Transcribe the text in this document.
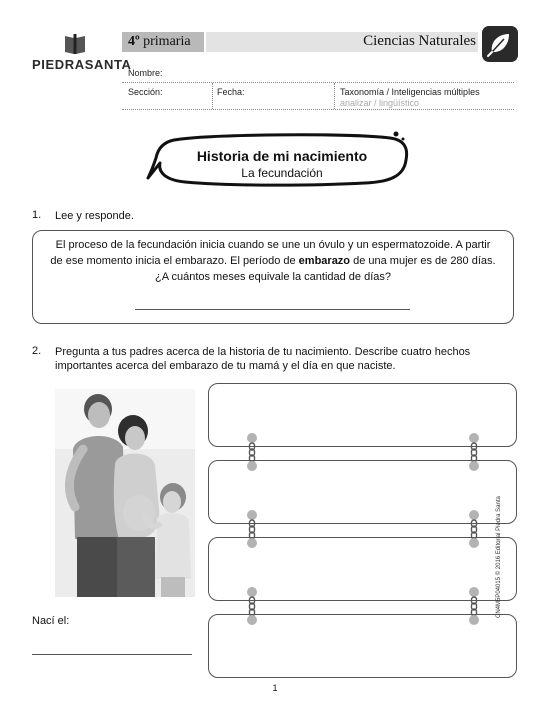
PIEDRASANTA
4º primaria	Ciencias Naturales
Nombre:
Sección:	Fecha:	Taxonomía / Inteligencias múltiples
analizar / lingüístico
Historia de mi nacimiento
La fecundación
1. Lee y responde.
El proceso de la fecundación inicia cuando se une un óvulo y un espermatozoide. A partir
de ese momento inicia el embarazo. El período de embarazo de una mujer es de 280 días.
¿A cuántos meses equivale la cantidad de días?
2. Pregunta a tus padres acerca de la historia de tu nacimiento. Describe cuatro hechos
importantes acerca del embarazo de tu mamá y el día en que naciste.
Nací el:
1
CN4M5P04015 © 2016 Editorial Piedra Santa
